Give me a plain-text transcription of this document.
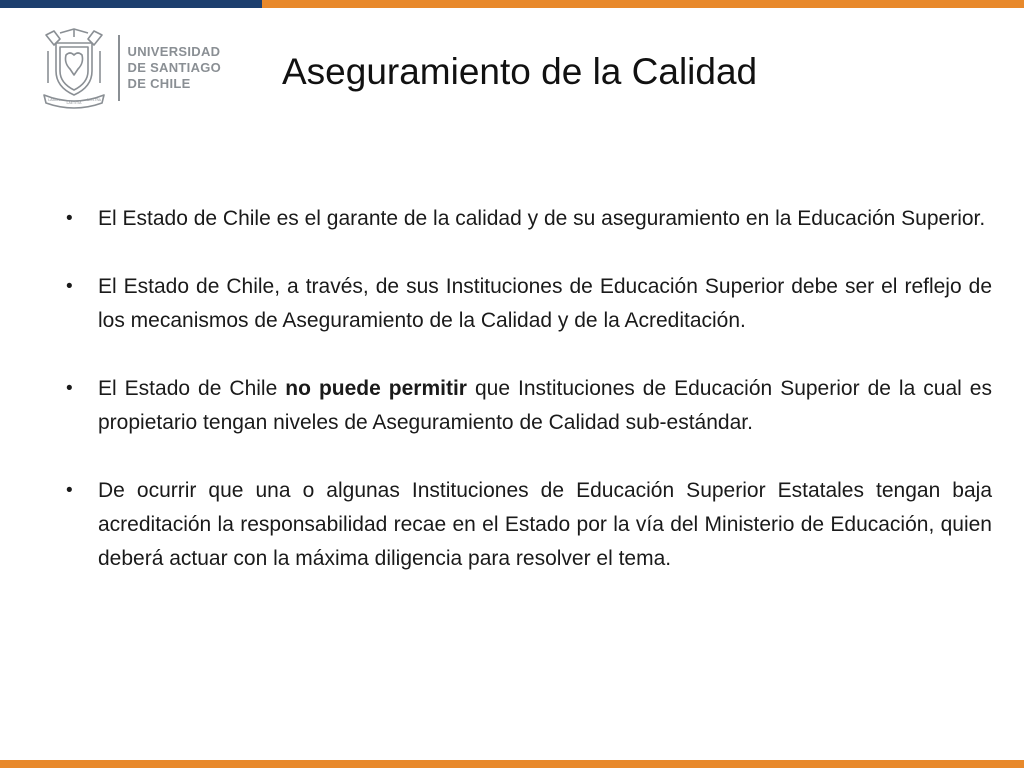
LABOR
LAETITIA
NOSTRA
UNIVERSIDAD
DE SANTIAGO
DE CHILE	Aseguramiento de la Calidad
• El Estado de Chile es el garante de la calidad y de su aseguramiento en la Educación Superior.
• El Estado de Chile, a través, de sus Instituciones de Educación Superior debe ser el reflejo de los mecanismos de Aseguramiento de la Calidad y de la Acreditación.
• El Estado de Chile no puede permitir que Instituciones de Educación Superior de la cual es propietario tengan niveles de Aseguramiento de Calidad sub-estándar.
• De ocurrir que una o algunas Instituciones de Educación Superior Estatales tengan baja acreditación la responsabilidad recae en el Estado por la vía del Ministerio de Educación, quien deberá actuar con la máxima diligencia para resolver el tema.
